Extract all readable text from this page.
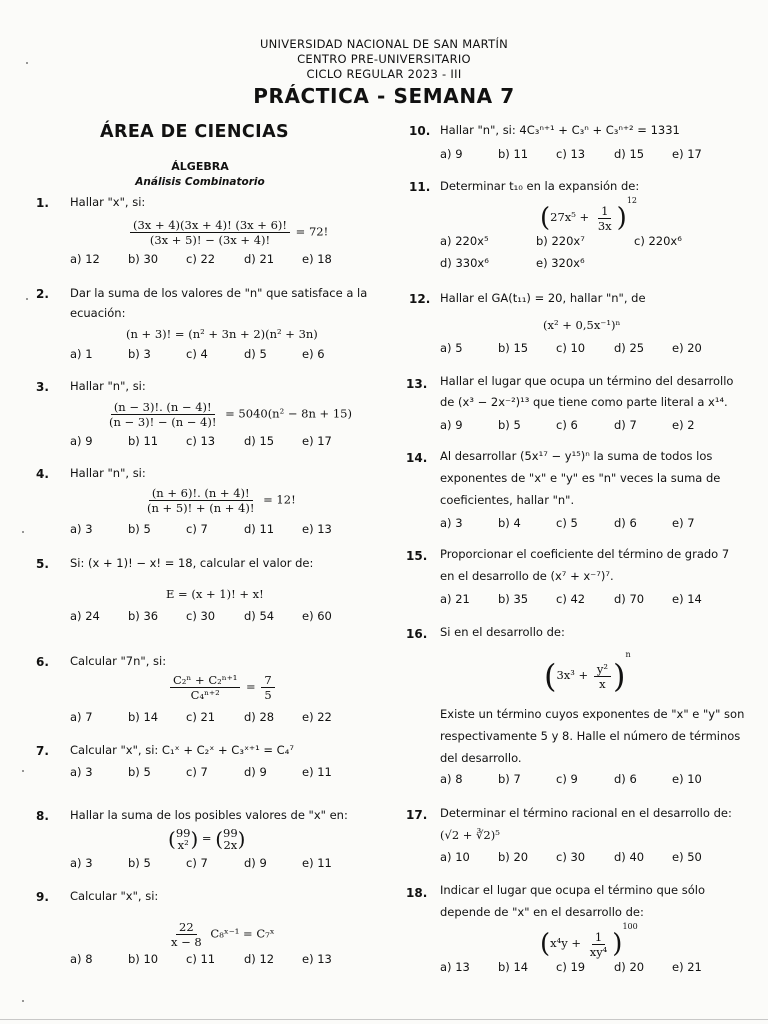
UNIVERSIDAD NACIONAL DE SAN MARTÍN
CENTRO PRE-UNIVERSITARIO
CICLO REGULAR 2023 - III
PRÁCTICA - SEMANA 7
ÁREA DE CIENCIAS
ÁLGEBRA
Análisis Combinatorio
1. Hallar "x", si:
$\frac{(3x + 4)(3x + 4)! (3x + 6)!}{(3x + 5)! - (3x + 4)!} = 72$!
a) 12	b) 30	c) 22	d) 21	e) 18
2. Dar la suma de los valores de "n" que satisface a la
ecuación:
(n + 3)! = (n² + 3n + 2)(n² + 3n)
a) 1	b) 3	c) 4	d) 5	e) 6
3. Hallar "n", si:
$\frac{(n - 3)!. (n - 4)!}{(n - 3)! - (n - 4)!} = 5040(n^2 - 8n + 15)$
a) 9	b) 11	c) 13	d) 15	e) 17
4. Hallar "n", si:
$\frac{(n + 6)!. (n + 4)!}{(n + 5)! + (n + 4)!} = 12$!
a) 3	b) 5	c) 7	d) 11	e) 13
5. Si: (x + 1)! − x! = 18, calcular el valor de:
E = (x + 1)! + x!
a) 24	b) 36	c) 30	d) 54	e) 60
6. Calcular "7n", si:
$\frac{\text{C₂ⁿ + C₂ⁿ⁺¹}}{\text{C₄ⁿ⁺²}} = \frac{7}{5}$
a) 7	b) 14	c) 21	d) 28	e) 22
7. Calcular "x", si: C₁ˣ + C₂ˣ + C₃ˣ⁺¹ = C₄⁷
a) 3	b) 5	c) 7	d) 9	e) 11
8. Hallar la suma de los posibles valores de "x" en:
( 99
x² ) = ( 99
2x )
a) 3	b) 5	c) 7	d) 9	e) 11
9. Calcular "x", si:
$\frac{22}{x - 8}$ C₈ˣ⁻¹ = C₇ˣ
a) 8	b) 10	c) 11	d) 12	e) 13
10. Hallar "n", si: 4C₃ⁿ⁺¹ + C₃ⁿ + C₃ⁿ⁺² = 1331
a) 9	b) 11	c) 13	d) 15	e) 17
11. Determinar t₁₀ en la expansión de:
$(27x^5 + \frac{1}{3x} )^{12}$
a) 220x⁵	b) 220x⁷	c) 220x⁶
d) 330x⁶	e) 320x⁶
12. Hallar el GA(t₁₁) = 20, hallar "n", de
(x² + 0,5x⁻¹)ⁿ
a) 5	b) 15	c) 10	d) 25	e) 20
13. Hallar el lugar que ocupa un término del desarrollo
de (x³ − 2x⁻²)¹³ que tiene como parte literal a x¹⁴.
a) 9	b) 5	c) 6	d) 7	e) 2
14. Al desarrollar (5x¹⁷ − y¹⁵)ⁿ la suma de todos los
exponentes de "x" e "y" es "n" veces la suma de
coeficientes, hallar "n".
a) 3	b) 4	c) 5	d) 6	e) 7
15. Proporcionar el coeficiente del término de grado 7
en el desarrollo de (x⁷ + x⁻⁷)⁷.
a) 21	b) 35	c) 42	d) 70	e) 14
16. Si en el desarrollo de:
$(3x^3 + \frac{\text{y²}}{x} )^n$
Existe un término cuyos exponentes de "x" e "y" son
respectivamente 5 y 8. Halle el número de términos
del desarrollo.
a) 8	b) 7	c) 9	d) 6	e) 10
17. Determinar el término racional en el desarrollo de:
(√2 + ∛2)⁵
a) 10	b) 20	c) 30	d) 40	e) 50
18. Indicar el lugar que ocupa el término que sólo
depende de "x" en el desarrollo de:
$(x^4y + \frac{1}{\text{xy⁴}} )^{100}$
a) 13	b) 14	c) 19	d) 20	e) 21
